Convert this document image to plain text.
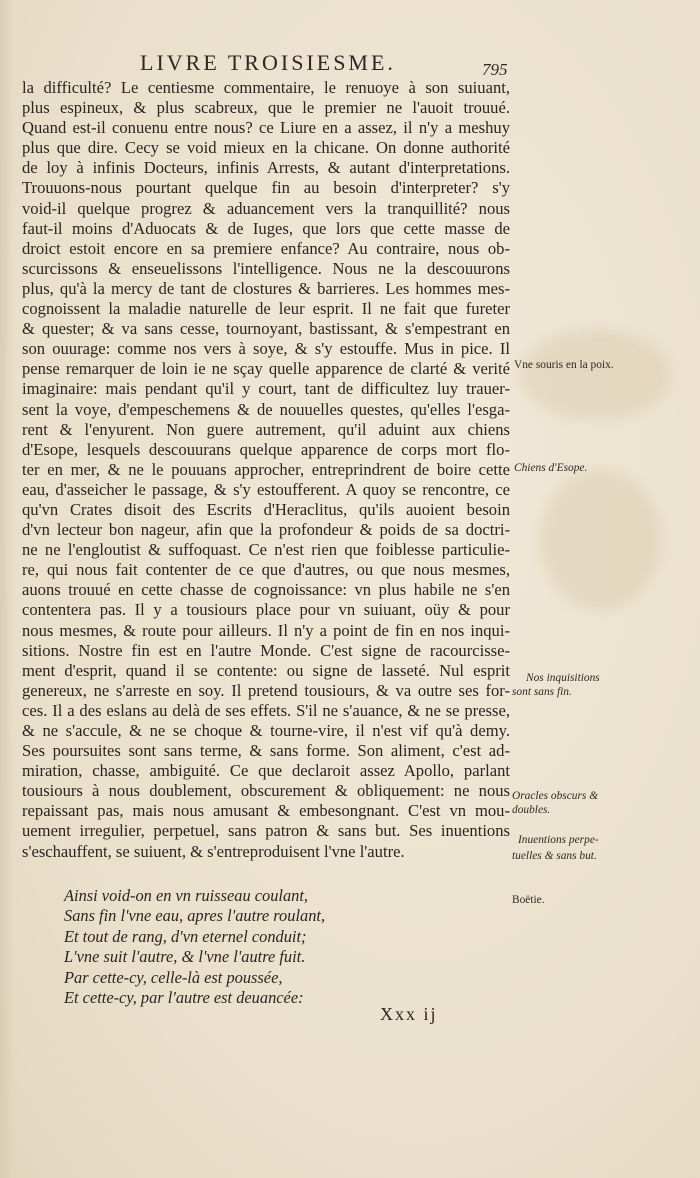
LIVRE TROISIESME.	795
la difficulté? Le centiesme commentaire, le renuoye à son suiuant,
plus espineux, & plus scabreux, que le premier ne l'auoit trouué.
Quand est-il conuenu entre nous? ce Liure en a assez, il n'y a meshuy
plus que dire. Cecy se void mieux en la chicane. On donne authorité
de loy à infinis Docteurs, infinis Arrests, & autant d'interpretations.
Trouuons-nous pourtant quelque fin au besoin d'interpreter? s'y
void-il quelque progrez & aduancement vers la tranquillité? nous
faut-il moins d'Aduocats & de Iuges, que lors que cette masse de
droict estoit encore en sa premiere enfance? Au contraire, nous ob-
scurcissons & enseuelissons l'intelligence. Nous ne la descouurons
plus, qu'à la mercy de tant de clostures & barrieres. Les hommes mes-
cognoissent la maladie naturelle de leur esprit. Il ne fait que fureter
& quester; & va sans cesse, tournoyant, bastissant, & s'empestrant en
son ouurage: comme nos vers à soye, & s'y estouffe. Mus in pice. Il
pense remarquer de loin ie ne sçay quelle apparence de clarté & verité
imaginaire: mais pendant qu'il y court, tant de difficultez luy trauer-
sent la voye, d'empeschemens & de nouuelles questes, qu'elles l'esga-
rent & l'enyurent. Non guere autrement, qu'il aduint aux chiens
d'Esope, lesquels descouurans quelque apparence de corps mort flo-
ter en mer, & ne le pouuans approcher, entreprindrent de boire cette
eau, d'asseicher le passage, & s'y estoufferent. A quoy se rencontre, ce
qu'vn Crates disoit des Escrits d'Heraclitus, qu'ils auoient besoin
d'vn lecteur bon nageur, afin que la profondeur & poids de sa doctri-
ne ne l'engloutist & suffoquast. Ce n'est rien que foiblesse particulie-
re, qui nous fait contenter de ce que d'autres, ou que nous mesmes,
auons trouué en cette chasse de cognoissance: vn plus habile ne s'en
contentera pas. Il y a tousiours place pour vn suiuant, oüy & pour
nous mesmes, & route pour ailleurs. Il n'y a point de fin en nos inqui-
sitions. Nostre fin est en l'autre Monde. C'est signe de racourcisse-
ment d'esprit, quand il se contente: ou signe de lasseté. Nul esprit
genereux, ne s'arreste en soy. Il pretend tousiours, & va outre ses for-
ces. Il a des eslans au delà de ses effets. S'il ne s'auance, & ne se presse,
& ne s'accule, & ne se choque & tourne-vire, il n'est vif qu'à demy.
Ses poursuites sont sans terme, & sans forme. Son aliment, c'est ad-
miration, chasse, ambiguité. Ce que declaroit assez Apollo, parlant
tousiours à nous doublement, obscurement & obliquement: ne nous
repaissant pas, mais nous amusant & embesongnant. C'est vn mou-
uement irregulier, perpetuel, sans patron & sans but. Ses inuentions
s'eschauffent, se suiuent, & s'entreproduisent l'vne l'autre.
Ainsi void-on en vn ruisseau coulant,
Sans fin l'vne eau, apres l'autre roulant,
Et tout de rang, d'vn eternel conduit;
L'vne suit l'autre, & l'vne l'autre fuit.
Par cette-cy, celle-là est poussée,
Et cette-cy, par l'autre est deuancée:
Xxx ij
Vne souris en la poix.
Chiens d'Esope.
Nos inquisitions
sont sans fin.
Oracles obscurs &
doubles.
Inuentions perpe-
tuelles & sans but.
Boëtie.
